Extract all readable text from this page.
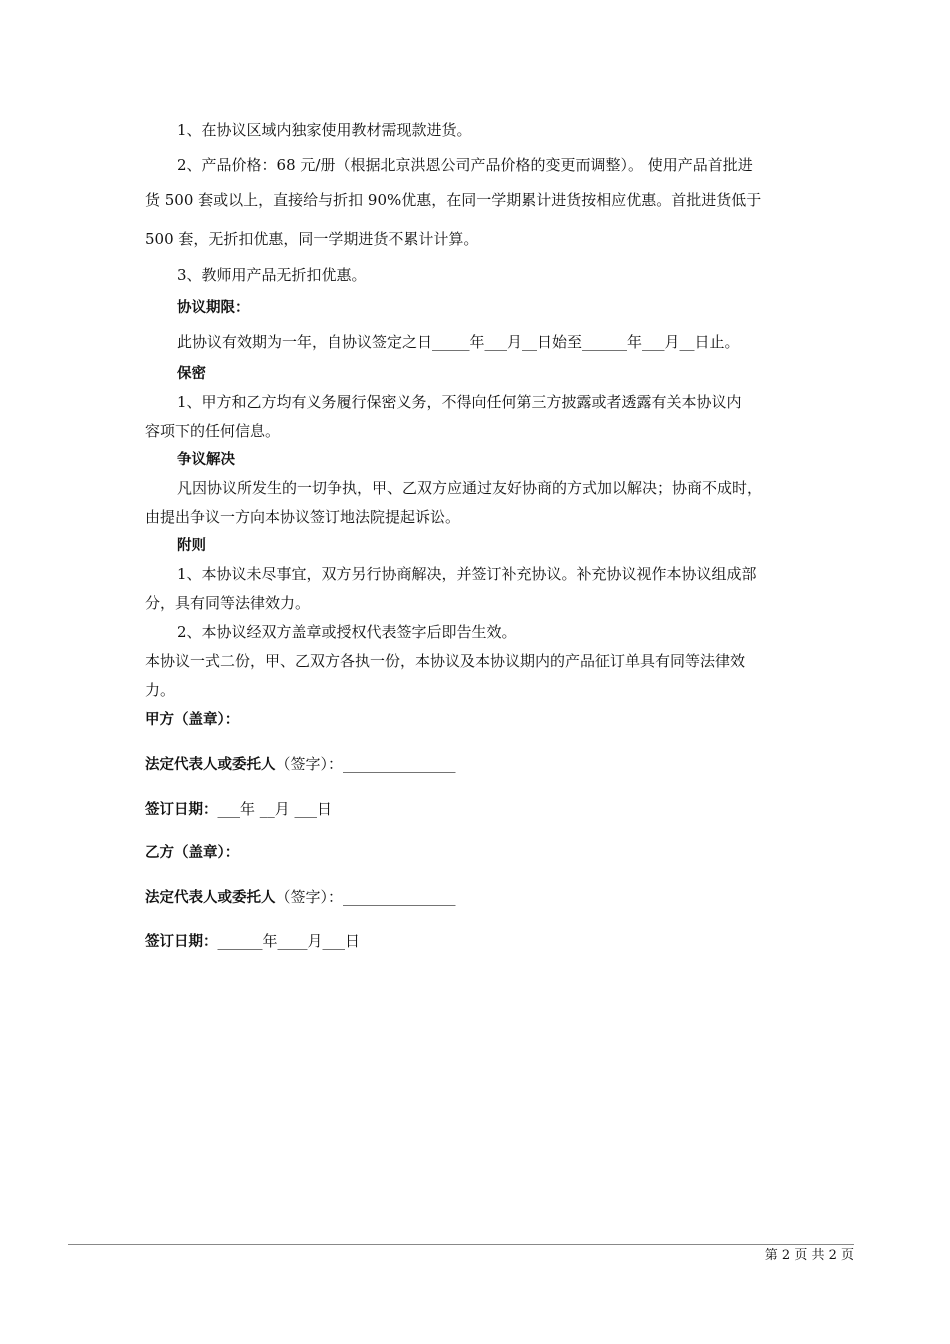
1、在协议区域内独家使用教材需现款进货。
2、产品价格：68 元/册（根据北京洪恩公司产品价格的变更而调整）。 使用产品首批进
货 500 套或以上，直接给与折扣 90%优惠，在同一学期累计进货按相应优惠。首批进货低于
500 套，无折扣优惠，同一学期进货不累计计算。
3、教师用产品无折扣优惠。
协议期限：
此协议有效期为一年，自协议签定之日_____年___月__日始至______年___月__日止。
保密
1、甲方和乙方均有义务履行保密义务，不得向任何第三方披露或者透露有关本协议内
容项下的任何信息。
争议解决
凡因协议所发生的一切争执，甲、乙双方应通过友好协商的方式加以解决；协商不成时，
由提出争议一方向本协议签订地法院提起诉讼。
附则
1、本协议未尽事宜，双方另行协商解决，并签订补充协议。补充协议视作本协议组成部
分，具有同等法律效力。
2、本协议经双方盖章或授权代表签字后即告生效。
本协议一式二份，甲、乙双方各执一份，本协议及本协议期内的产品征订单具有同等法律效
力。
甲方（盖章）：
法定代表人或委托人（签字）：_______________
签订日期：___年 __月 ___日
乙方（盖章）：
法定代表人或委托人（签字）：_______________
签订日期：______年____月___日
第 2 页 共 2 页
